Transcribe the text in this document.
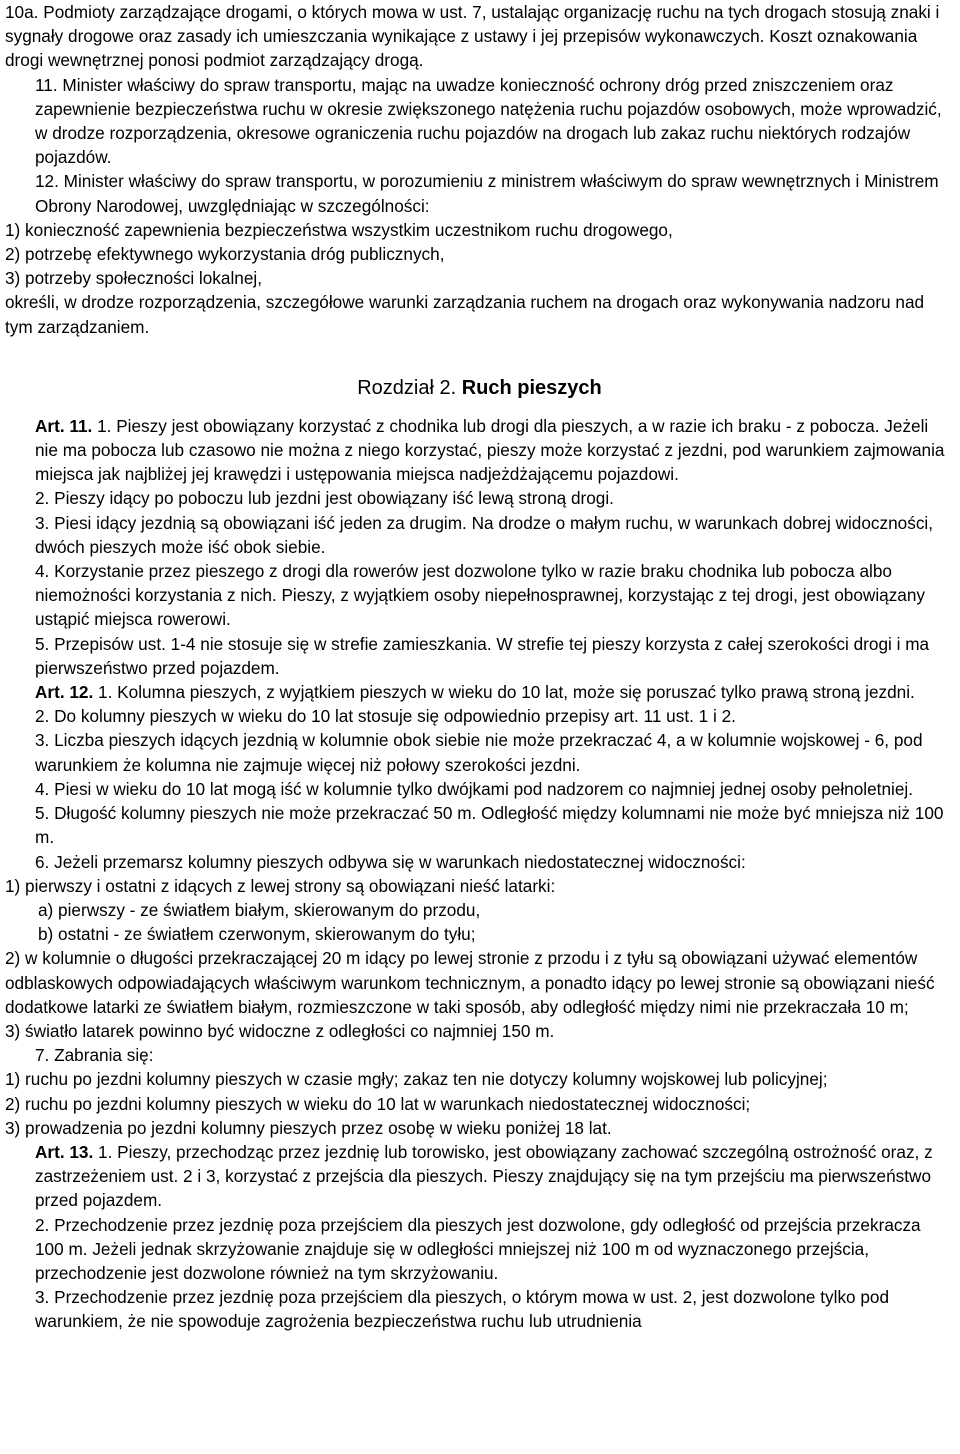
10a. Podmioty zarządzające drogami, o których mowa w ust. 7, ustalając organizację ruchu na tych drogach stosują znaki i sygnały drogowe oraz zasady ich umieszczania wynikające z ustawy i jej przepisów wykonawczych. Koszt oznakowania drogi wewnętrznej ponosi podmiot zarządzający drogą.

11. Minister właściwy do spraw transportu, mając na uwadze konieczność ochrony dróg przed zniszczeniem oraz zapewnienie bezpieczeństwa ruchu w okresie zwiększonego natężenia ruchu pojazdów osobowych, może wprowadzić, w drodze rozporządzenia, okresowe ograniczenia ruchu pojazdów na drogach lub zakaz ruchu niektórych rodzajów pojazdów.

12. Minister właściwy do spraw transportu, w porozumieniu z ministrem właściwym do spraw wewnętrznych i Ministrem Obrony Narodowej, uwzględniając w szczególności:

1) konieczność zapewnienia bezpieczeństwa wszystkim uczestnikom ruchu drogowego,

2) potrzebę efektywnego wykorzystania dróg publicznych,

3) potrzeby społeczności lokalnej,

określi, w drodze rozporządzenia, szczegółowe warunki zarządzania ruchem na drogach oraz wykonywania nadzoru nad tym zarządzaniem.

Rozdział 2. Ruch pieszych

Art. 11. 1. Pieszy jest obowiązany korzystać z chodnika lub drogi dla pieszych, a w razie ich braku - z pobocza. Jeżeli nie ma pobocza lub czasowo nie można z niego korzystać, pieszy może korzystać z jezdni, pod warunkiem zajmowania miejsca jak najbliżej jej krawędzi i ustępowania miejsca nadjeżdżającemu pojazdowi.

2. Pieszy idący po poboczu lub jezdni jest obowiązany iść lewą stroną drogi.

3. Piesi idący jezdnią są obowiązani iść jeden za drugim. Na drodze o małym ruchu, w warunkach dobrej widoczności, dwóch pieszych może iść obok siebie.

4. Korzystanie przez pieszego z drogi dla rowerów jest dozwolone tylko w razie braku chodnika lub pobocza albo niemożności korzystania z nich. Pieszy, z wyjątkiem osoby niepełnosprawnej, korzystając z tej drogi, jest obowiązany ustąpić miejsca rowerowi.

5. Przepisów ust. 1-4 nie stosuje się w strefie zamieszkania. W strefie tej pieszy korzysta z całej szerokości drogi i ma pierwszeństwo przed pojazdem.

Art. 12. 1. Kolumna pieszych, z wyjątkiem pieszych w wieku do 10 lat, może się poruszać tylko prawą stroną jezdni.

2. Do kolumny pieszych w wieku do 10 lat stosuje się odpowiednio przepisy art. 11 ust. 1 i 2.

3. Liczba pieszych idących jezdnią w kolumnie obok siebie nie może przekraczać 4, a w kolumnie wojskowej - 6, pod warunkiem że kolumna nie zajmuje więcej niż połowy szerokości jezdni.

4. Piesi w wieku do 10 lat mogą iść w kolumnie tylko dwójkami pod nadzorem co najmniej jednej osoby pełnoletniej.

5. Długość kolumny pieszych nie może przekraczać 50 m. Odległość między kolumnami nie może być mniejsza niż 100 m.

6. Jeżeli przemarsz kolumny pieszych odbywa się w warunkach niedostatecznej widoczności:

1) pierwszy i ostatni z idących z lewej strony są obowiązani nieść latarki:

a) pierwszy - ze światłem białym, skierowanym do przodu,

b) ostatni - ze światłem czerwonym, skierowanym do tyłu;

2) w kolumnie o długości przekraczającej 20 m idący po lewej stronie z przodu i z tyłu są obowiązani używać elementów odblaskowych odpowiadających właściwym warunkom technicznym, a ponadto idący po lewej stronie są obowiązani nieść dodatkowe latarki ze światłem białym, rozmieszczone w taki sposób, aby odległość między nimi nie przekraczała 10 m;

3) światło latarek powinno być widoczne z odległości co najmniej 150 m.

7. Zabrania się:

1) ruchu po jezdni kolumny pieszych w czasie mgły; zakaz ten nie dotyczy kolumny wojskowej lub policyjnej;

2) ruchu po jezdni kolumny pieszych w wieku do 10 lat w warunkach niedostatecznej widoczności;

3) prowadzenia po jezdni kolumny pieszych przez osobę w wieku poniżej 18 lat.

Art. 13. 1. Pieszy, przechodząc przez jezdnię lub torowisko, jest obowiązany zachować szczególną ostrożność oraz, z zastrzeżeniem ust. 2 i 3, korzystać z przejścia dla pieszych. Pieszy znajdujący się na tym przejściu ma pierwszeństwo przed pojazdem.

2. Przechodzenie przez jezdnię poza przejściem dla pieszych jest dozwolone, gdy odległość od przejścia przekracza 100 m. Jeżeli jednak skrzyżowanie znajduje się w odległości mniejszej niż 100 m od wyznaczonego przejścia, przechodzenie jest dozwolone również na tym skrzyżowaniu.

3. Przechodzenie przez jezdnię poza przejściem dla pieszych, o którym mowa w ust. 2, jest dozwolone tylko pod warunkiem, że nie spowoduje zagrożenia bezpieczeństwa ruchu lub utrudnienia
